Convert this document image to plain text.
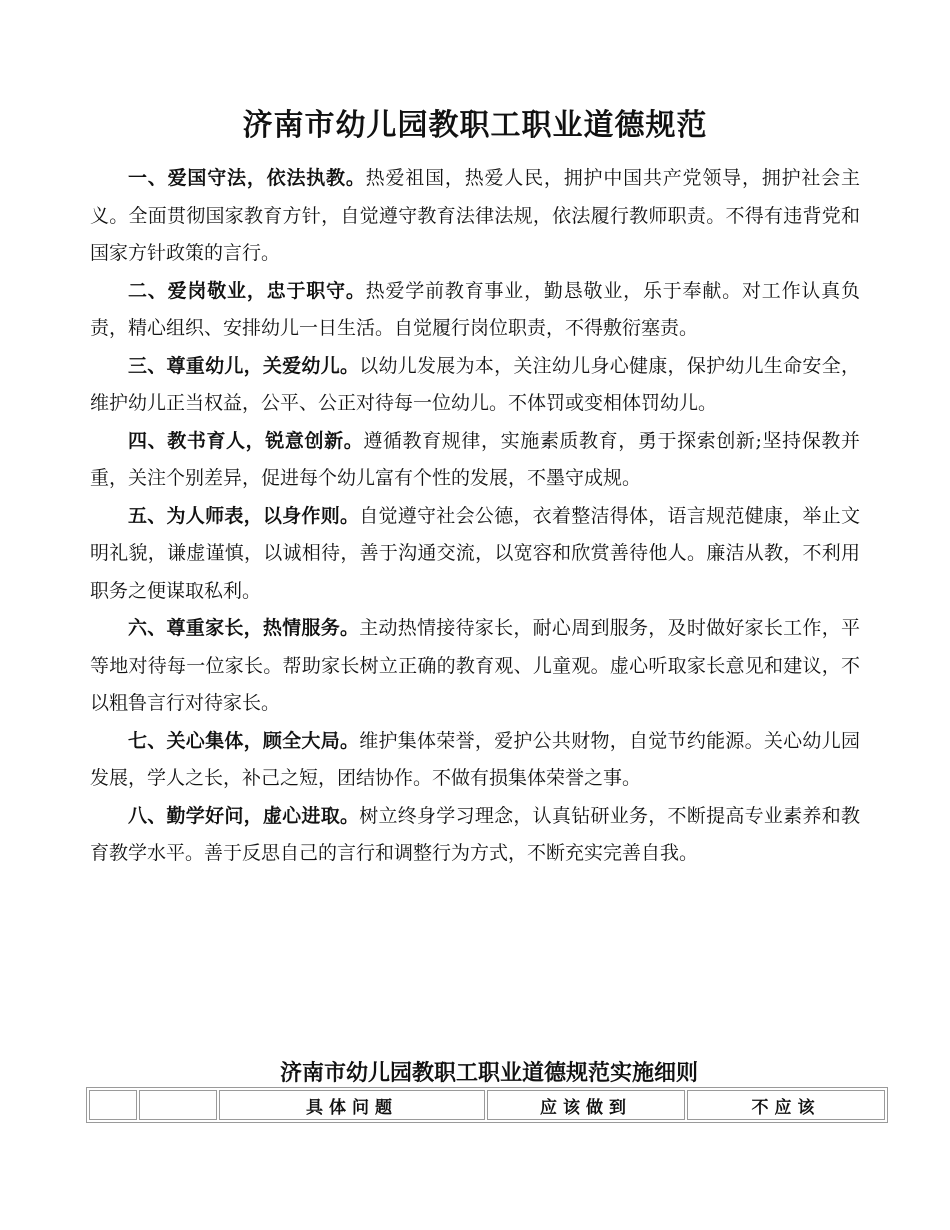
济南市幼儿园教职工职业道德规范

一、爱国守法，依法执教。热爱祖国，热爱人民，拥护中国共产党领导，拥护社会主义。全面贯彻国家教育方针，自觉遵守教育法律法规，依法履行教师职责。不得有违背党和国家方针政策的言行。

二、爱岗敬业，忠于职守。热爱学前教育事业，勤恳敬业，乐于奉献。对工作认真负责，精心组织、安排幼儿一日生活。自觉履行岗位职责，不得敷衍塞责。

三、尊重幼儿，关爱幼儿。以幼儿发展为本，关注幼儿身心健康，保护幼儿生命安全，维护幼儿正当权益，公平、公正对待每一位幼儿。不体罚或变相体罚幼儿。

四、教书育人，锐意创新。遵循教育规律，实施素质教育，勇于探索创新;坚持保教并重，关注个别差异，促进每个幼儿富有个性的发展，不墨守成规。

五、为人师表，以身作则。自觉遵守社会公德，衣着整洁得体，语言规范健康，举止文明礼貌，谦虚谨慎，以诚相待，善于沟通交流，以宽容和欣赏善待他人。廉洁从教，不利用职务之便谋取私利。

六、尊重家长，热情服务。主动热情接待家长，耐心周到服务，及时做好家长工作，平等地对待每一位家长。帮助家长树立正确的教育观、儿童观。虚心听取家长意见和建议，不以粗鲁言行对待家长。

七、关心集体，顾全大局。维护集体荣誉，爱护公共财物，自觉节约能源。关心幼儿园发展，学人之长，补己之短，团结协作。不做有损集体荣誉之事。

八、勤学好问，虚心进取。树立终身学习理念，认真钻研业务，不断提高专业素养和教育教学水平。善于反思自己的言行和调整行为方式，不断充实完善自我。

济南市幼儿园教职工职业道德规范实施细则
		具体问题	应该做到	不应该
